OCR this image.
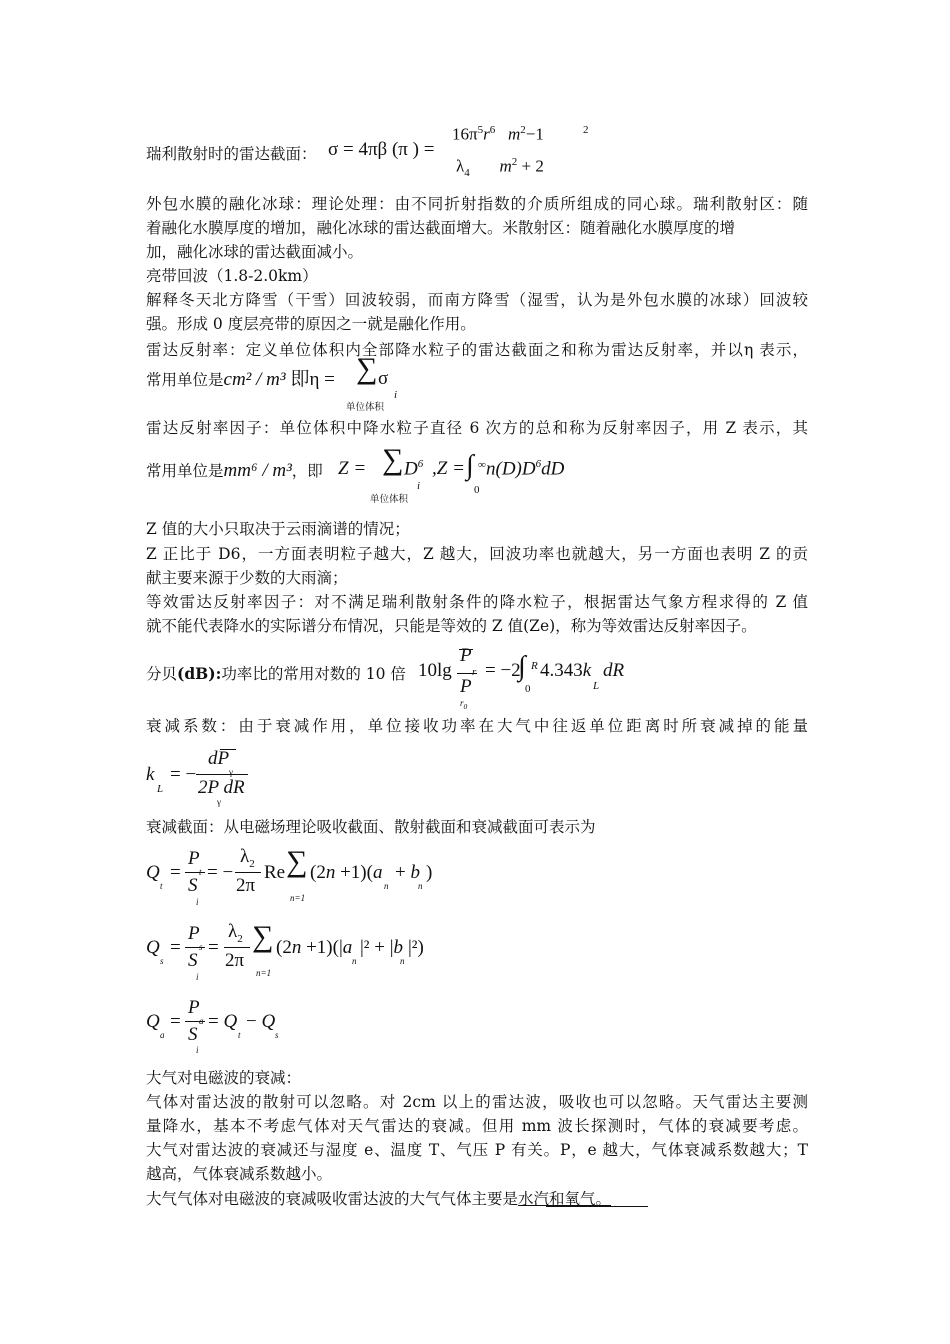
瑞利散射时的雷达截面： σ = 4πβ (π ) =
$16\pi^5r^6$ $m^2-1$	2
$\lambda_4$ $m^2 + 2$
外包水膜的融化冰球：理论处理：由不同折射指数的介质所组成的同心球。瑞利散射区：随
着融化水膜厚度的增加，融化冰球的雷达截面增大。米散射区：随着融化水膜厚度的增
加，融化冰球的雷达截面减小。
亮带回波（1.8-2.0km）
解释冬天北方降雪（干雪）回波较弱，而南方降雪（湿雪，认为是外包水膜的冰球）回波较
强。形成 0 度层亮带的原因之一就是融化作用。
雷达反射率：定义单位体积内全部降水粒子的雷达截面之和称为雷达反射率，并以η 表示，
常用单位是cm² / m³ 即η = ∑ σ
i
单位体积
雷达反射率因子：单位体积中降水粒子直径 6 次方的总和称为反射率因子，用 Z 表示，其
常用单位是mm⁶ / m³，即 Z = ∑ $D^6$ ,Z =
i
单位体积
∫ ∞
0
$n(D)D^6dD$
Z 值的大小只取决于云雨滴谱的情况；
Z 正比于 D6，一方面表明粒子越大，Z 越大，回波功率也就越大，另一方面也表明 Z 的贡
献主要来源于少数的大雨滴；
等效雷达反射率因子：对不满足瑞利散射条件的降水粒子，根据雷达气象方程求得的 Z 值
就不能代表降水的实际谱分布情况，只能是等效的 Z 值(Ze)，称为等效雷达反射率因子。
分贝(dB):功率比的常用对数的 10 倍 10lg
P
r
P
$r_0$
= −2
∫ R
0
4.343k
L
dR
衰减系数：由于衰减作用，单位接收功率在大气中往返单位距离时所衰减掉的能量
k
L
= −
dP
γ
2P dR
γ
衰减截面：从电磁场理论吸收截面、散射截面和衰减截面可表示为
Q
t
=
P
t
S
i
= −
$\lambda_2$
2π
Re ∑
n=1
(2n +1)(a
n
+ b
n
)
Q
s
=
P
s
S
i
=
$\lambda_2$
2π
∑
n=1
(2n +1)(|a
n
|² + |b
n
|²)
Q
a
=
P
a
S
i
= Q
t
− Q
s
大气对电磁波的衰减：
气体对雷达波的散射可以忽略。对 2cm 以上的雷达波，吸收也可以忽略。天气雷达主要测
量降水，基本不考虑气体对天气雷达的衰减。但用 mm 波长探测时，气体的衰减要考虑。
大气对雷达波的衰减还与湿度 e、温度 T、气压 P 有关。P，e 越大，气体衰减系数越大；T
越高，气体衰减系数越小。
大气气体对电磁波的衰减吸收雷达波的大气气体主要是水汽和氧气。
